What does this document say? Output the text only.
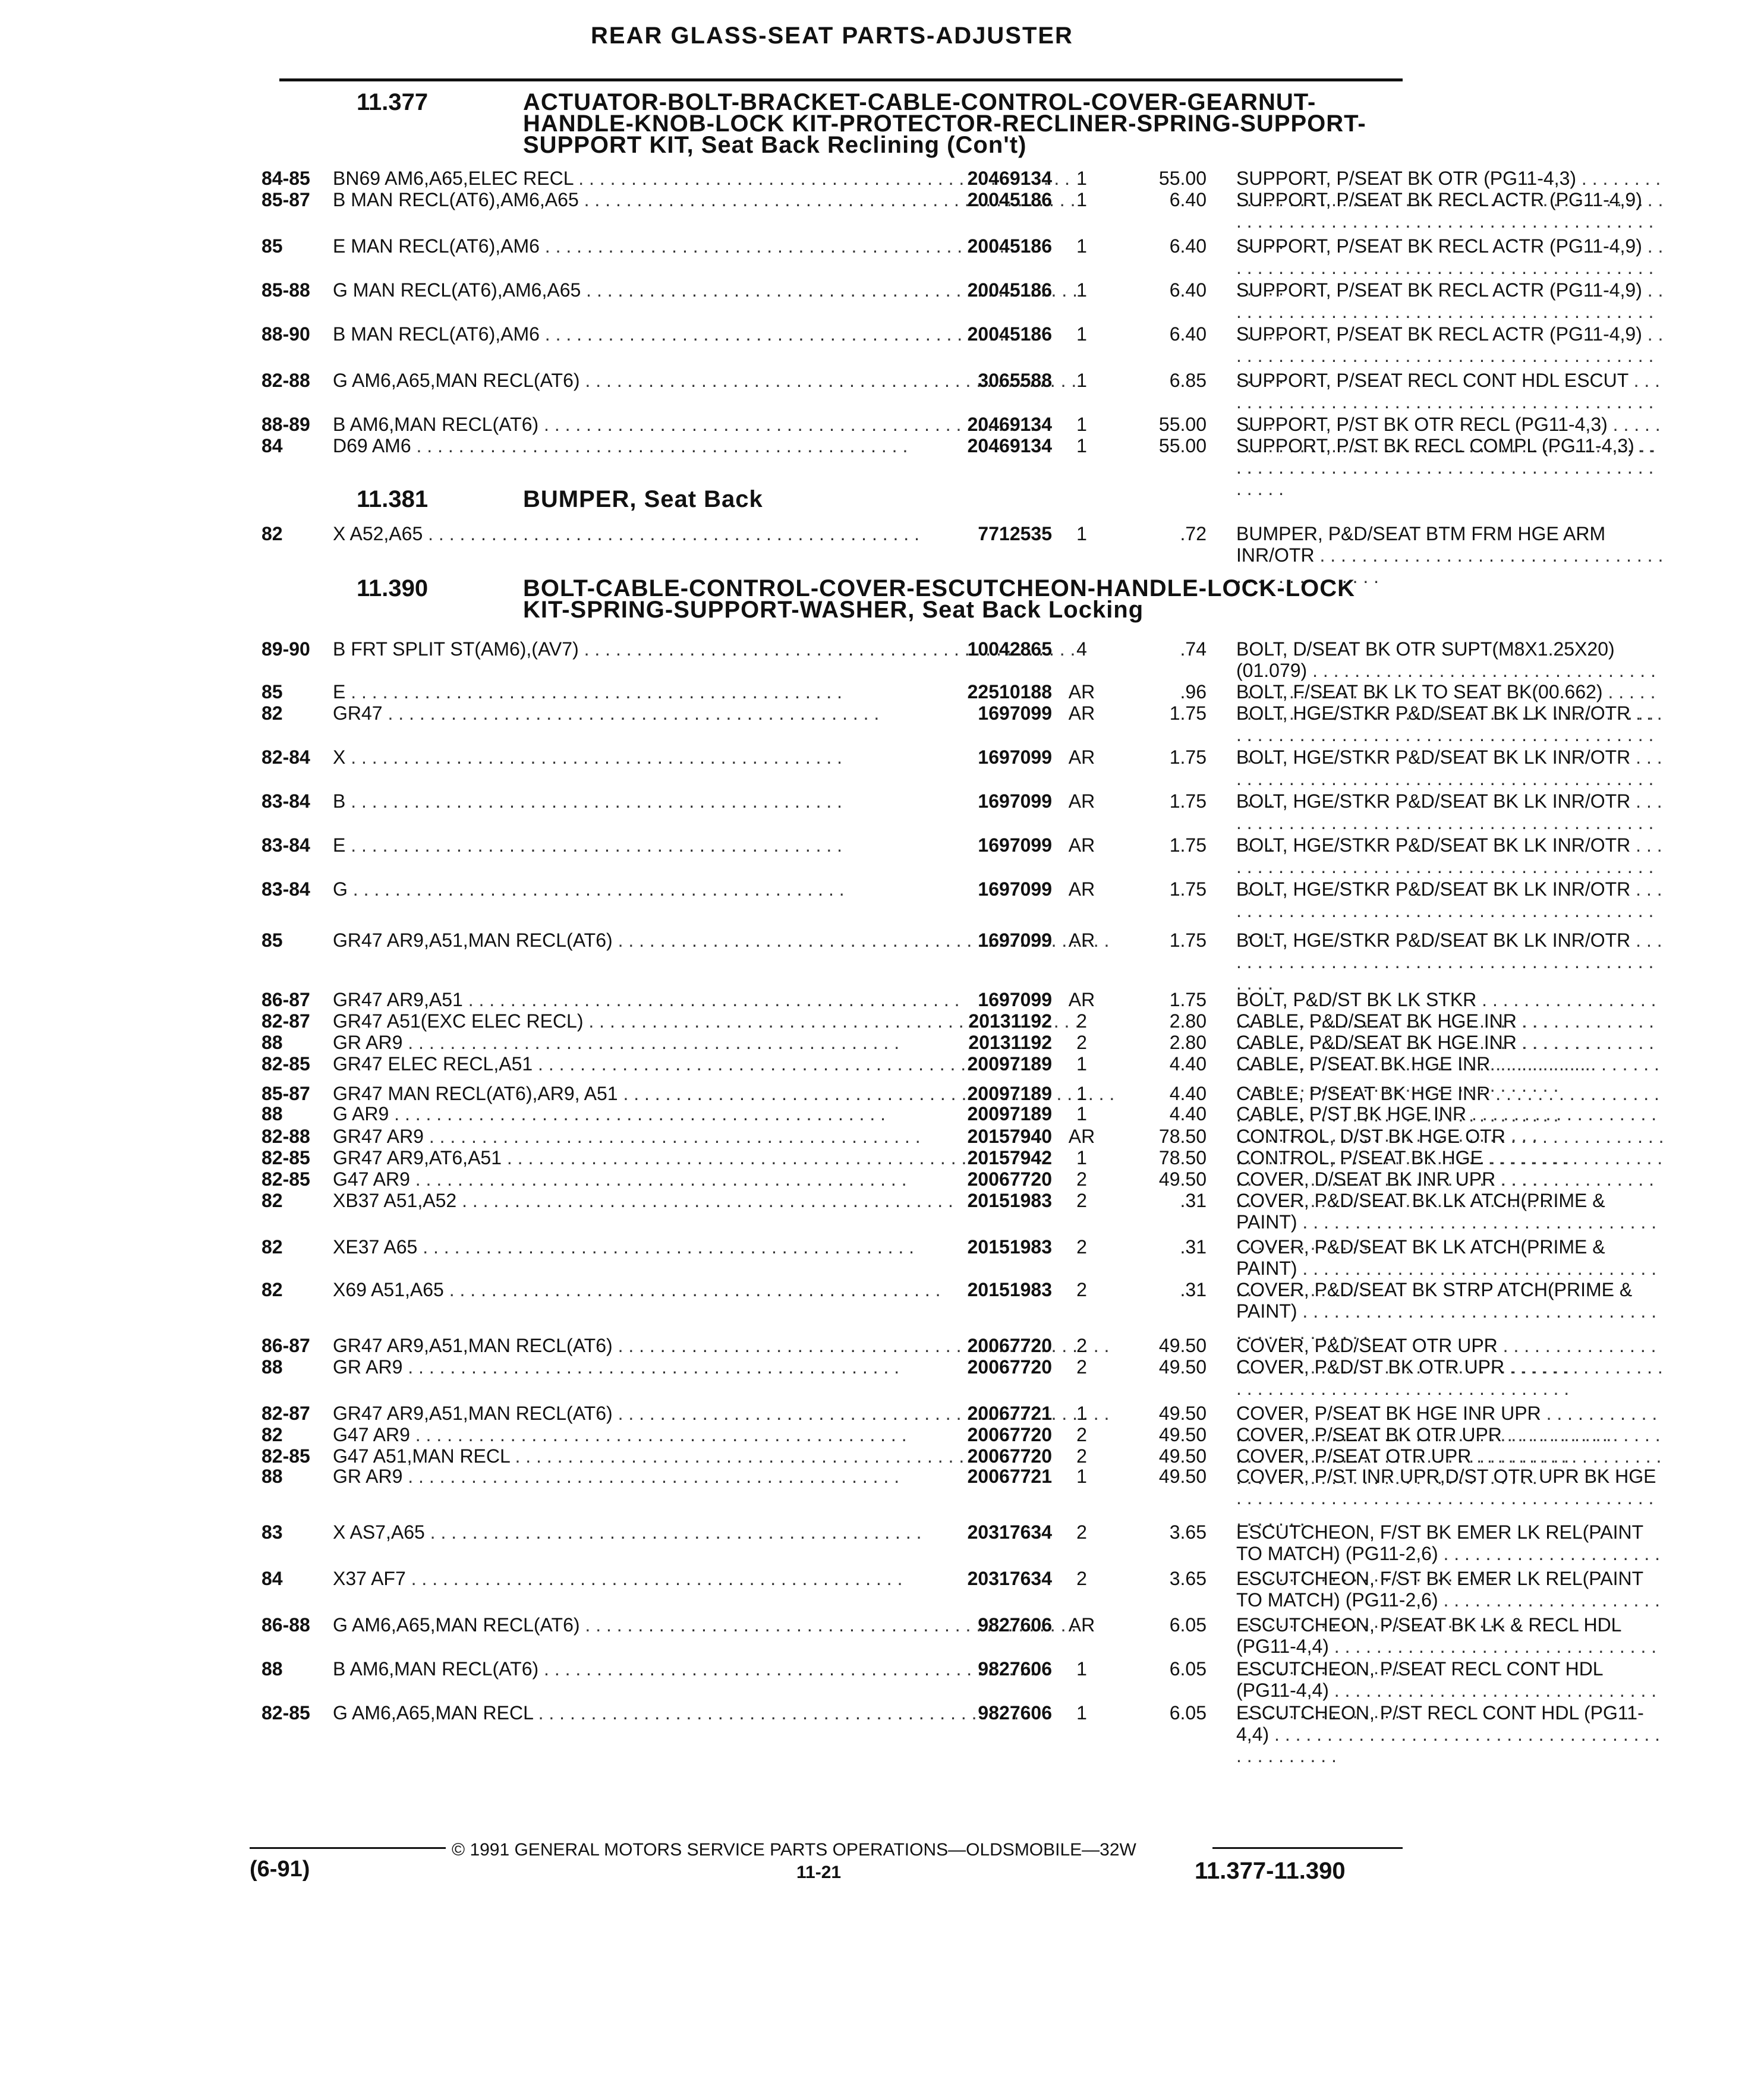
REAR GLASS-SEAT PARTS-ADJUSTER
11.377	ACTUATOR-BOLT-BRACKET-CABLE-CONTROL-COVER-GEARNUT-HANDLE-KNOB-LOCK KIT-PROTECTOR-RECLINER-SPRING-SUPPORT-SUPPORT KIT, Seat Back Reclining (Con't)
84-85	BN69 AM6,A65,ELEC RECL . . .	20469134	1	55.00 SUPPORT, P/SEAT BK OTR (PG11-4,3) . . .
85-87	B MAN RECL(AT6),AM6,A65 . . .	20045186	1	6.40 SUPPORT, P/SEAT BK RECL ACTR (PG11-4,9) . . .
85	E MAN RECL(AT6),AM6 . . .	20045186	1	6.40 SUPPORT, P/SEAT BK RECL ACTR (PG11-4,9) . . .
85-88	G MAN RECL(AT6),AM6,A65 . . .	20045186	1	6.40 SUPPORT, P/SEAT BK RECL ACTR (PG11-4,9) . . .
88-90	B MAN RECL(AT6),AM6 . . .	20045186	1	6.40 SUPPORT, P/SEAT BK RECL ACTR (PG11-4,9) . . .
82-88	G AM6,A65,MAN RECL(AT6) . . .	3065588	1	6.85 SUPPORT, P/SEAT RECL CONT HDL ESCUT . . .
88-89	B AM6,MAN RECL(AT6) . . .	20469134	1	55.00 SUPPORT, P/ST BK OTR RECL (PG11-4,3) . . .
84	D69 AM6 . . .	20469134	1	55.00 SUPPORT, P/ST BK RECL COMPL (PG11-4,3) . . .
82	X A52,A65 . . .	7712535	1	.72 BUMPER, P&D/SEAT BTM FRM HGE ARM INR/OTR . . .
89-90	B FRT SPLIT ST(AM6),(AV7) . . .	10042865	4	.74 BOLT, D/SEAT BK OTR SUPT(M8X1.25X20)(01.079) . . .
85	E . . .	22510188 AR	.96 BOLT, F/SEAT BK LK TO SEAT BK(00.662) . . .
82	GR47 . . .	1697099 AR	1.75 BOLT, HGE/STKR P&D/SEAT BK LK INR/OTR . . .
82-84	X . . .	1697099 AR	1.75 BOLT, HGE/STKR P&D/SEAT BK LK INR/OTR . . .
83-84	B . . .	1697099 AR	1.75 BOLT, HGE/STKR P&D/SEAT BK LK INR/OTR . . .
83-84	E . . .	1697099 AR	1.75 BOLT, HGE/STKR P&D/SEAT BK LK INR/OTR . . .
83-84	G . . .	1697099 AR	1.75 BOLT, HGE/STKR P&D/SEAT BK LK INR/OTR . . .
85	GR47 AR9,A51,MAN RECL(AT6) . . .	1697099 AR	1.75 BOLT, HGE/STKR P&D/SEAT BK LK INR/OTR . . .
86-87	GR47 AR9,A51 . . .	1697099 AR	1.75 BOLT, P&D/ST BK LK STKR . . .
82-87	GR47 A51(EXC ELEC RECL) . . .	20131192	2	2.80 CABLE, P&D/SEAT BK HGE INR . . .
88	GR AR9 . . .	20131192	2	2.80 CABLE, P&D/SEAT BK HGE INR . . .
82-85	GR47 ELEC RECL,A51 . . .	20097189	1	4.40 CABLE, P/SEAT BK HGE INR . . .
85-87	GR47 MAN RECL(AT6),AR9, A51 . . .	20097189	1	4.40 CABLE, P/SEAT BK HGE INR . . .
88	G AR9 . . .	20097189	1	4.40 CABLE, P/ST BK HGE INR . . .
82-88	GR47 AR9 . . .	20157940 AR	78.50 CONTROL, D/ST BK HGE OTR . . .
82-85	GR47 AR9,AT6,A51 . . .	20157942	1	78.50 CONTROL, P/SEAT BK HGE . . .
82-85	G47 AR9 . . .	20067720	2	49.50 COVER, D/SEAT BK INR UPR . . .
82	XB37 A51,A52 . . .	20151983	2	.31 COVER, P&D/SEAT BK LK ATCH(PRIME & PAINT) . . .
82	XE37 A65 . . .	20151983	2	.31 COVER, P&D/SEAT BK LK ATCH(PRIME & PAINT) . . .
82	X69 A51,A65 . . .	20151983	2	.31 COVER, P&D/SEAT BK STRP ATCH(PRIME & PAINT) . . .
86-87	GR47 AR9,A51,MAN RECL(AT6) . . .	20067720	2	49.50 COVER, P&D/SEAT OTR UPR . . .
88	GR AR9 . . .	20067720	2	49.50 COVER, P&D/ST BK OTR UPR . . .
82-87	GR47 AR9,A51,MAN RECL(AT6) . . .	20067721	1	49.50 COVER, P/SEAT BK HGE INR UPR . . .
82	G47 AR9 . . .	20067720	2	49.50 COVER, P/SEAT BK OTR UPR . . .
82-85	G47 A51,MAN RECL . . .	20067720	2	49.50 COVER, P/SEAT OTR UPR . . .
88	GR AR9 . . .	20067721	1	49.50 COVER, P/ST INR UPR,D/ST OTR UPR BK HGE . . .
83	X AS7,A65 . . .	20317634	2	3.65 ESCUTCHEON, F/ST BK EMER LK REL(PAINT TO MATCH) (PG11-2,6) . . .
84	X37 AF7 . . .	20317634	2	3.65 ESCUTCHEON, F/ST BK EMER LK REL(PAINT TO MATCH) (PG11-2,6) . . .
86-88	G AM6,A65,MAN RECL(AT6) . . .	9827606 AR	6.05 ESCUTCHEON, P/SEAT BK LK & RECL HDL (PG11-4,4) . . .
88	B AM6,MAN RECL(AT6) . . .	9827606	1	6.05 ESCUTCHEON, P/SEAT RECL CONT HDL (PG11-4,4) . . .
82-85	G AM6,A65,MAN RECL . . .	9827606	1	6.05 ESCUTCHEON, P/ST RECL CONT HDL (PG11-4,4) . . .
11.381	BUMPER, Seat Back
11.390	BOLT-CABLE-CONTROL-COVER-ESCUTCHEON-HANDLE-LOCK-LOCK KIT-SPRING-SUPPORT-WASHER, Seat Back Locking
© 1991 GENERAL MOTORS SERVICE PARTS OPERATIONS—OLDSMOBILE—32W
(6-91)	11-21	11.377-11.390
